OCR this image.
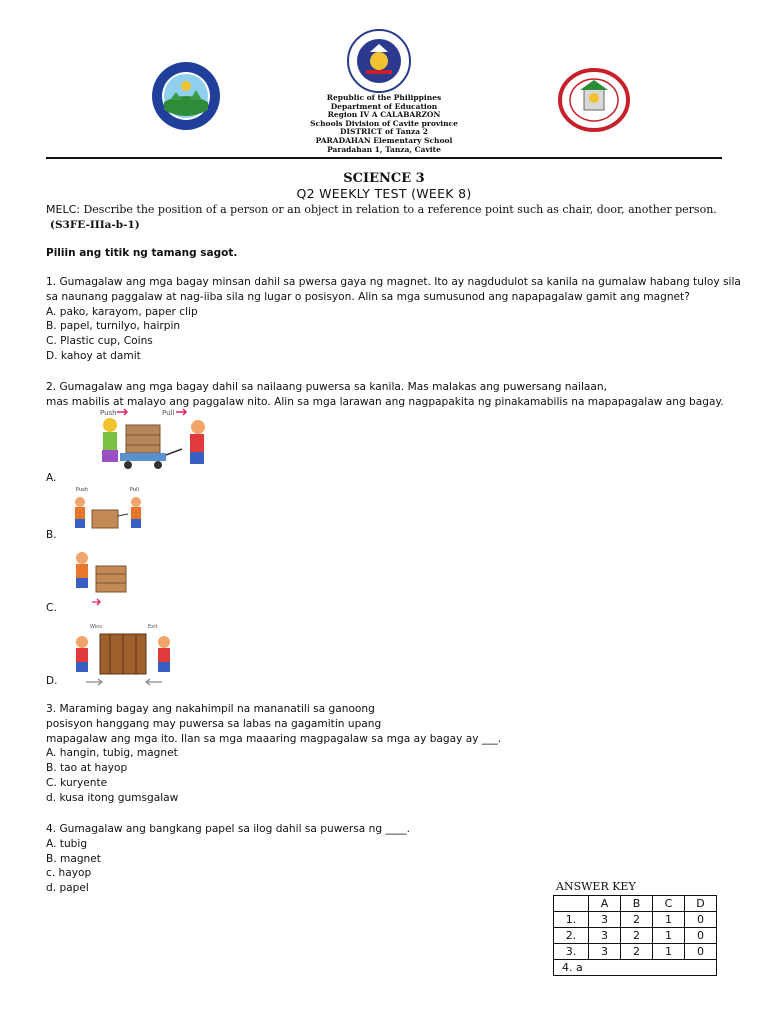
Republic of the Philippines
Department of Education
Region IV A CALABARZON
Schools Division of Cavite province
DISTRICT of Tanza 2
PARADAHAN Elementary School
Paradahan 1, Tanza, Cavite
SCIENCE 3
Q2 WEEKLY TEST (WEEK 8)
MELC: Describe the position of a person or an object in relation to a reference point such as chair, door, another person.
(S3FE-IIIa-b-1)
Piliin ang titik ng tamang sagot.
1. Gumagalaw ang mga bagay minsan dahil sa pwersa gaya ng magnet. Ito ay nagdudulot sa kanila na gumalaw habang tuloy sila
sa naunang paggalaw at nag-iiba sila ng lugar o posisyon. Alin sa mga sumusunod ang napapagalaw gamit ang magnet?
A. pako, karayom, paper clip
B. papel, turnilyo, hairpin
C. Plastic cup, Coins
D. kahoy at damit
2. Gumagalaw ang mga bagay dahil sa nailaang puwersa sa kanila. Mas malakas ang puwersang nailaan,
mas mabilis at malayo ang paggalaw nito. Alin sa mga larawan ang nagpapakita ng pinakamabilis na mapapagalaw ang bagay.
Push	Pull
A.
Push	Pull
B.
C.
Wins	Exit
D.
3. Maraming bagay ang nakahimpil na mananatili sa ganoong
posisyon hanggang may puwersa sa labas na gagamitin upang
mapagalaw ang mga ito. Ilan sa mga maaaring magpagalaw sa mga ay bagay ay ___.
A. hangin, tubig, magnet
B. tao at hayop
C. kuryente
d. kusa itong gumsgalaw
4. Gumagalaw ang bangkang papel sa ilog dahil sa puwersa ng ____.
A. tubig
B. magnet
c. hayop
d. papel	ANSWER KEY
	A	B	C	D
1.	3	2	1	0
2.	3	2	1	0
3.	3	2	1	0
4. a				
